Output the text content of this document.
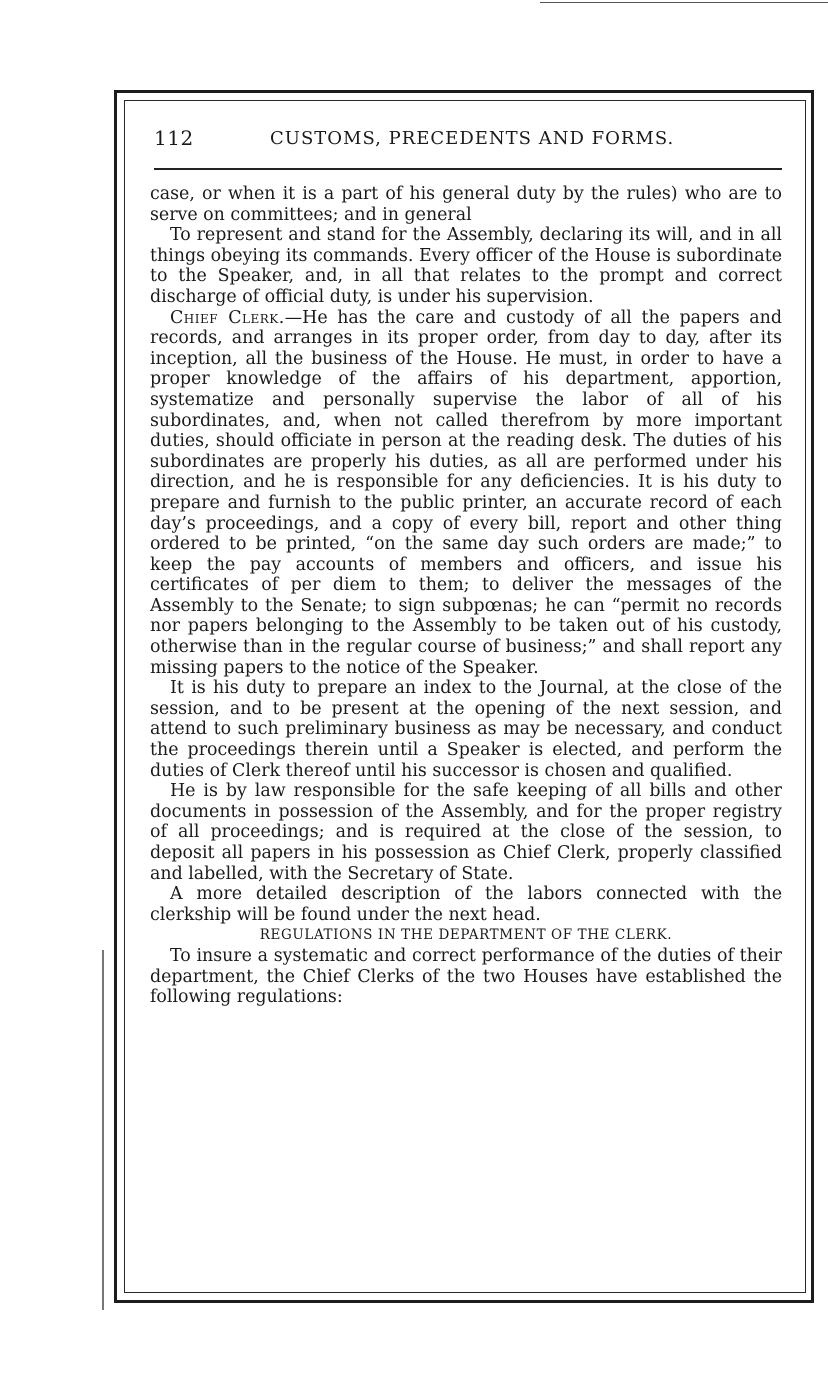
112	CUSTOMS, PRECEDENTS AND FORMS.

case, or when it is a part of his general duty by the rules) who are to serve on committees; and in general

To represent and stand for the Assembly, declaring its will, and in all things obeying its commands. Every officer of the House is subordinate to the Speaker, and, in all that relates to the prompt and correct discharge of official duty, is under his supervision.

Chief Clerk.—He has the care and custody of all the papers and records, and arranges in its proper order, from day to day, after its inception, all the business of the House. He must, in order to have a proper knowledge of the affairs of his department, apportion, systematize and personally supervise the labor of all of his subordinates, and, when not called therefrom by more important duties, should officiate in person at the reading desk. The duties of his subordinates are properly his duties, as all are performed under his direction, and he is responsible for any deficiencies. It is his duty to prepare and furnish to the public printer, an accurate record of each day’s proceedings, and a copy of every bill, report and other thing ordered to be printed, “on the same day such orders are made;” to keep the pay accounts of members and officers, and issue his certificates of per diem to them; to deliver the messages of the Assembly to the Senate; to sign subpœnas; he can “permit no records nor papers belonging to the Assembly to be taken out of his custody, otherwise than in the regular course of business;” and shall report any missing papers to the notice of the Speaker.

It is his duty to prepare an index to the Journal, at the close of the session, and to be present at the opening of the next session, and attend to such preliminary business as may be necessary, and conduct the proceedings therein until a Speaker is elected, and perform the duties of Clerk thereof until his successor is chosen and qualified.

He is by law responsible for the safe keeping of all bills and other documents in possession of the Assembly, and for the proper registry of all proceedings; and is required at the close of the session, to deposit all papers in his possession as Chief Clerk, properly classified and labelled, with the Secretary of State.

A more detailed description of the labors connected with the clerkship will be found under the next head.

REGULATIONS IN THE DEPARTMENT OF THE CLERK.

To insure a systematic and correct performance of the duties of their department, the Chief Clerks of the two Houses have established the following regulations:
